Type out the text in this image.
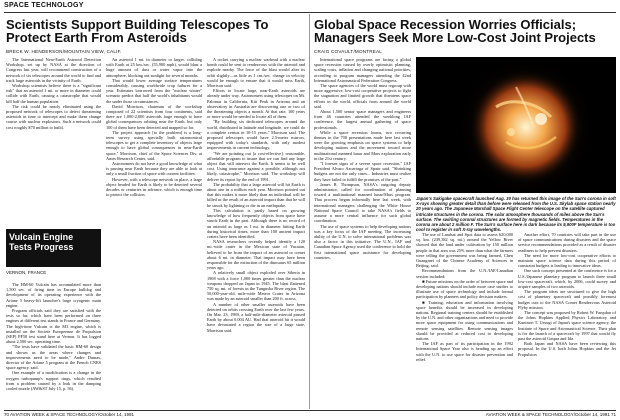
SPACE TECHNOLOGY
Scientists Support Building Telescopes To Protect Earth From Asteroids
BRECK W. HENDERSON/MOUNTAIN VIEW, CALIF.

The International Near-Earth Asteroid Detection Workshop, set up by NASA at the direction of Congress last year, will recommend construction of a network of six telescopes around the world to find and track large asteroids in the vicinity of Earth.

Workshop scientists believe there is a "significant risk" that an asteroid 1 mi. or more in diameter could collide with Earth, causing a catastrophe that would kill half the human population.

The risk could be nearly eliminated using the proposed network of telescopes to detect threatening asteroids in time to intercept and make them change course with nuclear explosions. Such a network could cost roughly $70 million to build.

An asteroid 1 mi. in diameter or larger, colliding with Earth at 25 km./sec. (55,900 mph), would blast a huge amount of dust or water vapor into the atmosphere, blocking out sunlight for several months.

That would lower average surface temperatures considerably, causing worldwide crop failures for a year. Estimates borrowed from the "nuclear winter" scenario predict that half the world's inhabitants would die under those circumstances.

David Morrison, chairman of the workshop composed of 22 scientists from four continents, said there are 1,000-2,000 asteroids large enough to have global consequences orbiting near the Earth, but only 100 of them have been detected and mapped so far.

The project approach [to the problem] is a long-term survey using specially built astronomical telescopes to get a complete inventory of objects large enough to have global consequences in near-Earth space," Morrison, chief of the Space Sciences Div. at Ames Research Center, said.

Astronomers do not have a good knowledge of what is passing near Earth because they are able to look at only a small fraction of space with current facilities.

However, with a telescope network in place, a large object headed for Earth is likely to be detected several decades or centuries in advance, which is enough time to protect the collision.

A rocket carrying a nuclear warhead with a nuclear bomb could be sent to rendezvous with the asteroid and explode nearby. The force of the blast would alter its orbit slightly—as little as 1 cm./sec. change in velocity would be enough to ensure that it would miss Earth, Morrison said.

Efforts to locate large, near-Earth asteroids are already under way. Astronomers using telescopes on Mt. Palomar in California, Kitt Peak in Arizona and an observatory in Australia are discovering one or two of the threatening objects a month. At that rate, 100 years or more would be needed to locate all of them.

"By building six dedicated telescopes around the world, distributed in latitude and longitude, we could do a complete census in 10-15 years," Morrison said. The proposed telescopes would have 2.5-meter mirrors, equipped with today's standards, with only modest improvements in current technology.

"We are pointing out [a cost-effective], reasonable, affordable program to insure that we can find any large object that will intersect the Earth. It seems to be well cost. Using insurance against a possible, although not likely, catastrophe," Morrison said. The workshop will deliver its report by the end of 1991.

The probability that a large asteroid will hit Earth is about one in a million each year. Morrison pointed out that this makes it more likely than an individual will be killed as the result of an asteroid impact than that he will be struck by lightning or die in an earthquake.

This calculation is partly based on growing knowledge of how frequently objects from space have struck Earth in the past. Although there is no record of an asteroid as large as 1 mi. in diameter hitting Earth during historical times, more than 100 ancient impact craters have been identified.

NASA researchers recently helped identify a 120 mi.-wide crater in the Mexican state of Yucatan, believed to be from the impact of an asteroid or comet about 6 mi. in diameter. That impact may have been responsible for the extinction of the dinosaurs 65 million years ago.

A relatively small object exploded over Siberia in 1908 with a force 1,000 times greater than the nuclear weapons dropped on Japan in 1945. The blast flattened 750 sq. mi. of forests in the Tunguska River region. The 50,000-year-old, mile-wide Meteor Crater in Arizona was made by an asteroid smaller than 200 ft. across.

A number of other smaller asteroids have been detected on orbits crossing Earth over the last few years. On Mar. 23, 1989, a half-mile-diameter asteroid passed Earth by about 0.004 AU. Had that asteroid hit it would have devastated a region the size of a large state, Morrison said.

Vulcain Engine Tests Progress
VERNON, FRANCE

The HM-60 Vulcain has accumulated more than 1,500 sec. of firing time in Europe bulldog and development of its operating experience with the Ariane 5 heavy-lift launcher's large cryogenic main engine.

Program officials said they are satisfied with the tests so far, which have been performed on three engines at different test stands in France and Germany. The high-time Vulcain is the M3 engine, which is installed on the Societe Europeenne de Propulsion (SEP) PF50 test stand here at Vernon. It has logged about 2,500 sec. operating time.

"The tests have validated the basic HM-60 design and shown us the areas where changes and improvements need to be made," Andre Dumas, director of the Ariane 5 program at the French CNES space agency, said.

One example of a modification is a change in the oxygen turbopump's support rings, which resulted from a problem caused by a leak in the damping cooled nozzle (AW&ST July 15, p. 56).

Global Space Recession Worries Officials; Managers Seek More Low-Cost Joint Projects
CRAIG COVAULT/MONTREAL

International space programs are facing a global space recession caused by overly optimistic planning, scaling costs, inflation and changing national priorities, according to program managers attending the 42nd International Astronautical Federation Congress.

The space agencies of the world must regroup with more aggressive, low-cost cooperative projects to fight the stagnation and limited growth that threatens space efforts in the world, officials from around the world said.

About 1,500 senior space managers and engineers from 46 countries attended the weeklong IAF conference, the largest annual gathering of space professionals.

While a space recession looms, two recurring themes in the 700 presentations made here last week were the growing emphasis on space systems to help developing nations and the movement toward more multinational manned lunar and Mars exploration early in the 21st century.

"I foresee signs of a severe space recession," IAF President Alvaro Azcarraga of Spain said. "Shrinking budgets are not the only cases... Industries must realize they have failed to fulfill the promises of the past."

James R. Thompson, NASA's outgoing deputy administrator, called for coordination of planning toward a multinational manned lunar/Mars program. That process began informally here last week, with international managers challenging the White House National Space Council to take NASA's fields to assume a more central influence for such global coordination.

The use of space systems to help developing nations was a key focus of the IAF meeting. The increasing ability of the U.N. to solve international problems was also a factor in this initiative. The U.N., IAF and Canadian Space Agency used the conference to hold the first international space assistance for developing countries.

Japan's Sakigake spacecraft launched Aug. 30 has returned this image of the Sun's corona in soft X-rays showing greater detail than before were released from the U.S. Skylab space station nearly 20 years ago. The Japanese Marshall Space Flight Center telescope on the satellite captured intricate structures in the corona. The solar atmosphere thousands of miles above the Sun's surface. The swirling coronal structures are formed by magnetic fields. Temperatures in the corona are about 2 million F. The Sun's surface here is dark because its 9,900F temperature is too cool to register in soft X-ray wavelengths.

The use of Landsat and Spot data to assess 620,000 sq. km. (239,382 sq. mi.) around the Yellow River showed that the land under cultivation by 150 million people in that area was 25% more than what the farmers were telling the government was being farmed, Chen Guangmei of the Chinese Academy of Sciences in Beijing, said.

Recommendations from the U.N./IAF/Canadian session included:

■ Future missions on the order of between space and developing nations should include more case studies to illustrate use of space technology and include formal participation by planners and policy decision makers.

■ Training, education and information involving space benefits should be increased in developing nations. Regional training centers should be established by the U.N. and other organizations and need to provide more space equipment for using communications and remote sensing satellites. Remote sensing images should be provided at reduced cost to developing nations.

The IAF as part of its participation in the 1992 International Space Year also is heading up an effort with the U.N. to use space for disaster prevention and relief.

Another effort, 70 countries will take part in the use of space communications during disasters and the space service recommendations provided as a result of disaster readiness to help prevent disasters.

The need for more low-cost cooperative efforts to maintain space science data during this period of constraint budgets is leading to innovative ideas.

One such concept presented at the conference is for a U.S./Japanese planetary program to launch three small low-cost spacecraft, which, by 2006, could survey and acquire samples of two asteroids.

The program ideas are structured to give the high cost of planetary spacecraft and possibly foremost budget cuts to the NASA Comet Rendezvous Asteroid Flyby mission.

The concept was proposed by Robert W. Farquhar of the Johns Hopkins Applied Physics Laboratory and Kuninori T. Uesugi of Japan's space science agency, the Institute of Space and Astronautical Science. Their plan is for the launch of a spacecraft by 1997 that would fly past the asteroid Gaspra and Ida.

Both Japan and NASA have been reviewing this proposal. In the U.S. both Johns Hopkins and the Jet Propulsion

70 AVIATION WEEK & SPACE TECHNOLOGY/October 14, 1991	AVIATION WEEK & SPACE TECHNOLOGY/October 14, 1991 71
